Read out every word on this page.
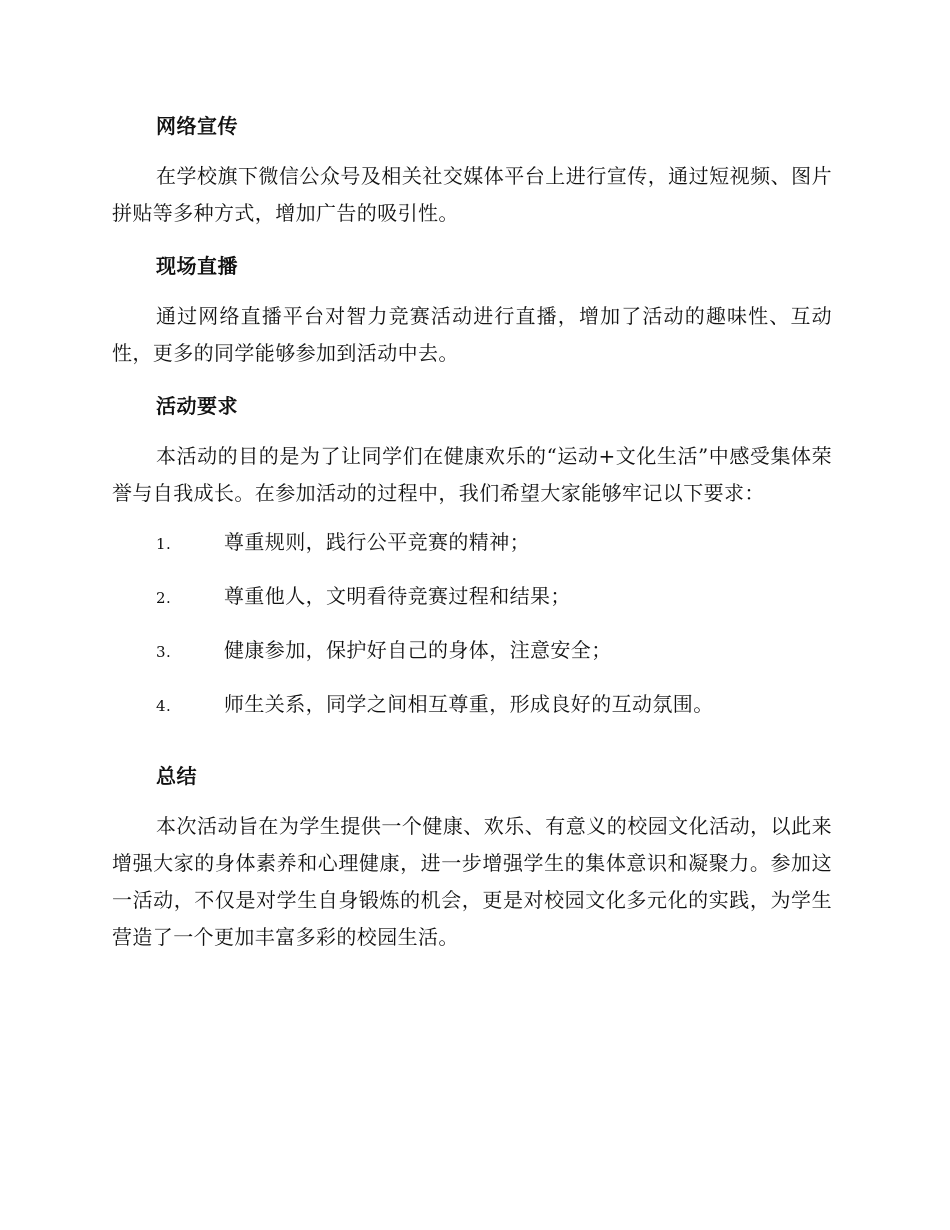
网络宣传

在学校旗下微信公众号及相关社交媒体平台上进行宣传，通过短视频、图片拼贴等多种方式，增加广告的吸引性。

现场直播

通过网络直播平台对智力竞赛活动进行直播，增加了活动的趣味性、互动性，更多的同学能够参加到活动中去。

活动要求

本活动的目的是为了让同学们在健康欢乐的“运动+文化生活”中感受集体荣誉与自我成长。在参加活动的过程中，我们希望大家能够牢记以下要求：

1.	尊重规则，践行公平竞赛的精神；
2.	尊重他人，文明看待竞赛过程和结果；
3.	健康参加，保护好自己的身体，注意安全；
4.	师生关系，同学之间相互尊重，形成良好的互动氛围。
总结

本次活动旨在为学生提供一个健康、欢乐、有意义的校园文化活动，以此来增强大家的身体素养和心理健康，进一步增强学生的集体意识和凝聚力。参加这一活动，不仅是对学生自身锻炼的机会，更是对校园文化多元化的实践，为学生营造了一个更加丰富多彩的校园生活。
